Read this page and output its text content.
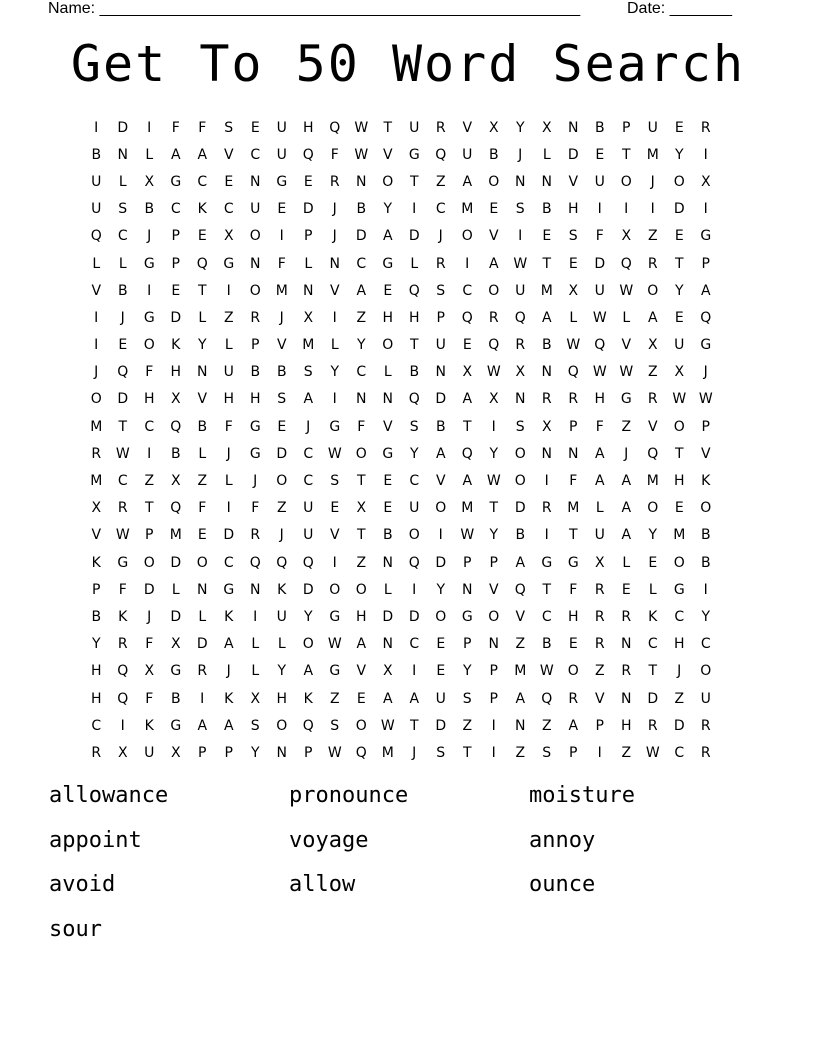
Name: ______________________________________________________	Date: _______
Get To 50 Word Search
I	D	I	F	F	S	E	U	H	Q	W	T	U	R	V	X	Y	X	N	B	P	U	E	R
B	N	L	A	A	V	C	U	Q	F	W	V	G	Q	U	B	J	L	D	E	T	M	Y	I
U	L	X	G	C	E	N	G	E	R	N	O	T	Z	A	O	N	N	V	U	O	J	O	X
U	S	B	C	K	C	U	E	D	J	B	Y	I	C	M	E	S	B	H	I	I	I	D	I
Q	C	J	P	E	X	O	I	P	J	D	A	D	J	O	V	I	E	S	F	X	Z	E	G
L	L	G	P	Q	G	N	F	L	N	C	G	L	R	I	A	W	T	E	D	Q	R	T	P
V	B	I	E	T	I	O	M	N	V	A	E	Q	S	C	O	U	M	X	U	W	O	Y	A
I	J	G	D	L	Z	R	J	X	I	Z	H	H	P	Q	R	Q	A	L	W	L	A	E	Q
I	E	O	K	Y	L	P	V	M	L	Y	O	T	U	E	Q	R	B	W	Q	V	X	U	G
J	Q	F	H	N	U	B	B	S	Y	C	L	B	N	X	W	X	N	Q	W W	Z	X	J
O	D	H	X	V	H	H	S	A	I	N	N	Q	D	A	X	N	R	R	H	G	R	W W
M	T	C	Q	B	F	G	E	J	G	F	V	S	B	T	I	S	X	P	F	Z	V	O	P
R	W	I	B	L	J	G	D	C	W	O	G	Y	A	Q	Y	O	N	N	A	J	Q	T	V
M	C	Z	X	Z	L	J	O	C	S	T	E	C	V	A	W	O	I	F	A	A	M	H	K
X	R	T	Q	F	I	F	Z	U	E	X	E	U	O	M	T	D	R	M	L	A	O	E	O
V	W	P	M	E	D	R	J	U	V	T	B	O	I	W	Y	B	I	T	U	A	Y	M	B
K	G	O	D	O	C	Q	Q	Q	I	Z	N	Q	D	P	P	A	G	G	X	L	E	O	B
P	F	D	L	N	G	N	K	D	O	O	L	I	Y	N	V	Q	T	F	R	E	L	G	I
B	K	J	D	L	K	I	U	Y	G	H	D	D	O	G	O	V	C	H	R	R	K	C	Y
Y	R	F	X	D	A	L	L	O	W	A	N	C	E	P	N	Z	B	E	R	N	C	H	C
H	Q	X	G	R	J	L	Y	A	G	V	X	I	E	Y	P	M W	O	Z	R	T	J	O
H	Q	F	B	I	K	X	H	K	Z	E	A	A	U	S	P	A	Q	R	V	N	D	Z	U
C	I	K	G	A	A	S	O	Q	S	O	W	T	D	Z	I	N	Z	A	P	H	R	D	R
R	X	U	X	P	P	Y	N	P	W	Q	M	J	S	T	I	Z	S	P	I	Z	W	C	R
allowance	pronounce	moisture
appoint	voyage	annoy
avoid	allow	ounce
sour
